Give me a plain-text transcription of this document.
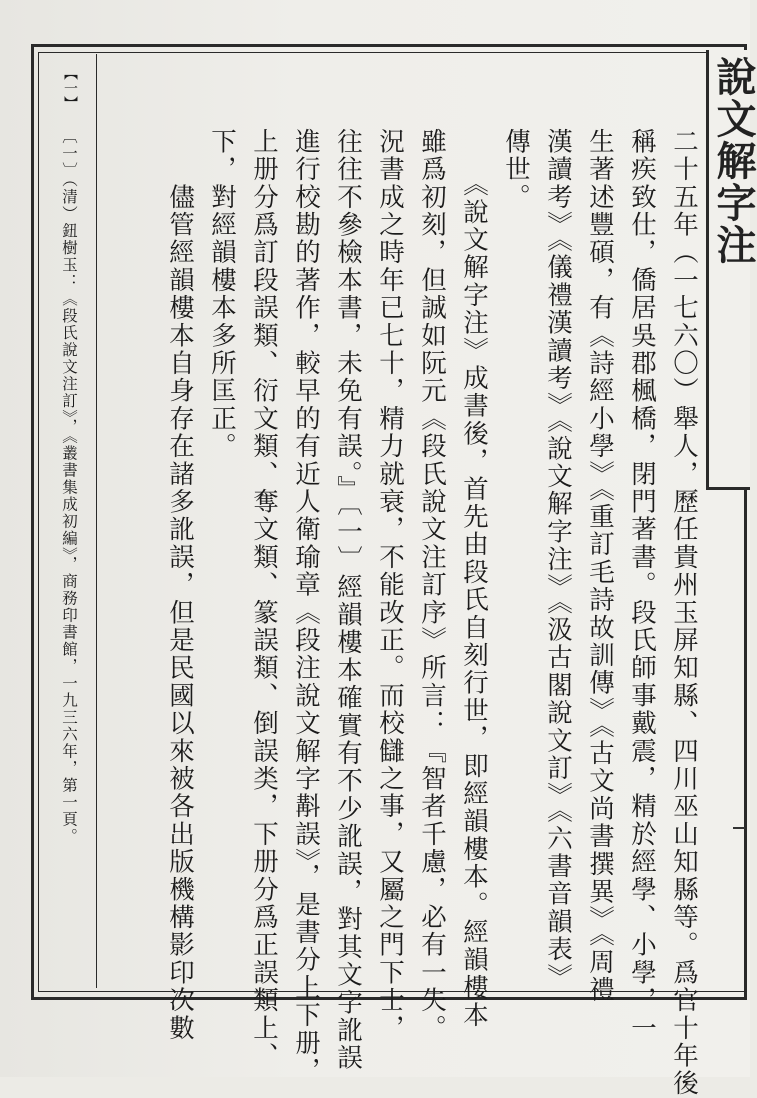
說文解字注
二十五年（一七六〇）舉人，歷任貴州玉屏知縣、四川巫山知縣等。爲官十年後
稱疾致仕，僑居吳郡楓橋，閉門著書。段氏師事戴震，精於經學、小學，一
生著述豐碩，有《詩經小學》《重訂毛詩故訓傳》《古文尚書撰異》《周禮
漢讀考》《儀禮漢讀考》《說文解字注》《汲古閣說文訂》《六書音韻表》
傳世。
　　《說文解字注》成書後，首先由段氏自刻行世，即經韻樓本。經韻樓本
雖爲初刻，但誠如阮元《段氏說文注訂序》所言：『智者千慮，必有一失。
況書成之時年已七十，精力就衰，不能改正。而校讎之事，又屬之門下士，
往往不參檢本書，未免有誤。』〔一〕經韻樓本確實有不少訛誤，對其文字訛誤
進行校勘的著作，較早的有近人衛瑜章《段注說文解字斠誤》，是書分上下册，
上册分爲訂段誤類、衍文類、奪文類、篆誤類、倒誤类，下册分爲正誤類上、
下，對經韻樓本多所匡正。
　　儘管經韻樓本自身存在諸多訛誤，但是民國以來被各出版機構影印次數
【一】
〔一〕（清）鈕樹玉：《段氏說文注訂》，《叢書集成初編》，商務印書館，一九三六年，第一頁。
